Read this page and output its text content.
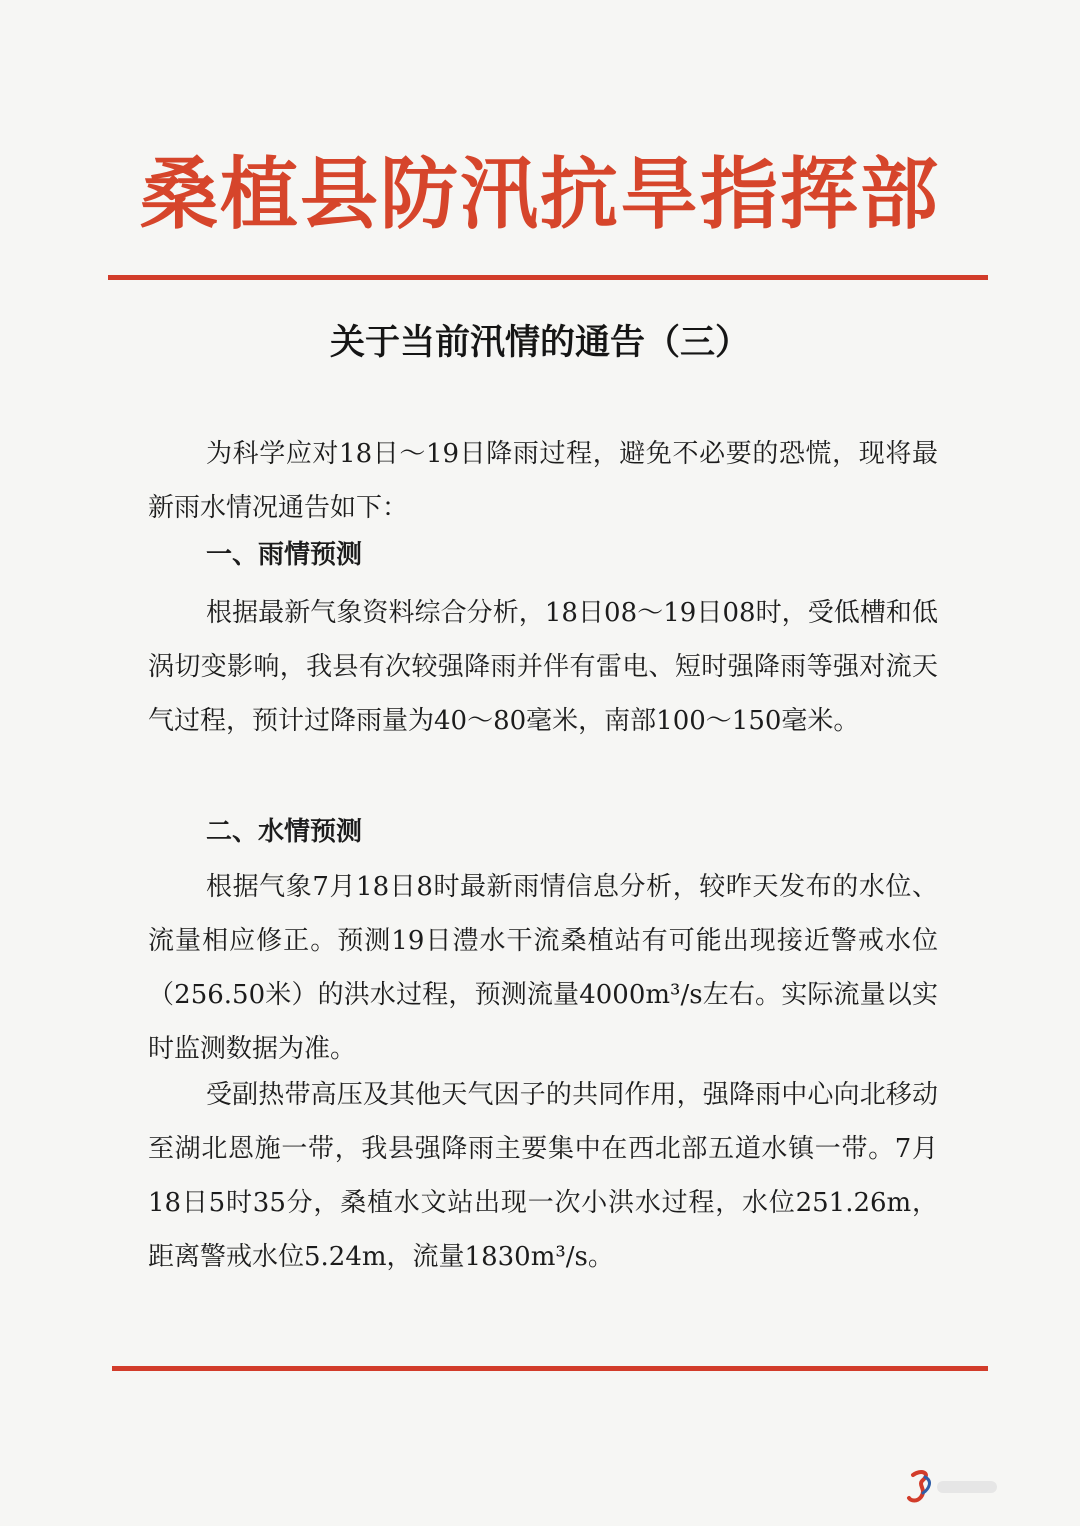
桑植县防汛抗旱指挥部
关于当前汛情的通告（三）
为科学应对18日～19日降雨过程，避免不必要的恐慌，现将最新雨水情况通告如下：
一、雨情预测
根据最新气象资料综合分析，18日08～19日08时，受低槽和低涡切变影响，我县有次较强降雨并伴有雷电、短时强降雨等强对流天气过程，预计过降雨量为40～80毫米，南部100～150毫米。
二、水情预测
根据气象7月18日8时最新雨情信息分析，较昨天发布的水位、流量相应修正。预测19日澧水干流桑植站有可能出现接近警戒水位（256.50米）的洪水过程，预测流量4000m³/s左右。实际流量以实时监测数据为准。
受副热带高压及其他天气因子的共同作用，强降雨中心向北移动至湖北恩施一带，我县强降雨主要集中在西北部五道水镇一带。7月18日5时35分，桑植水文站出现一次小洪水过程，水位251.26m，距离警戒水位5.24m，流量1830m³/s。
